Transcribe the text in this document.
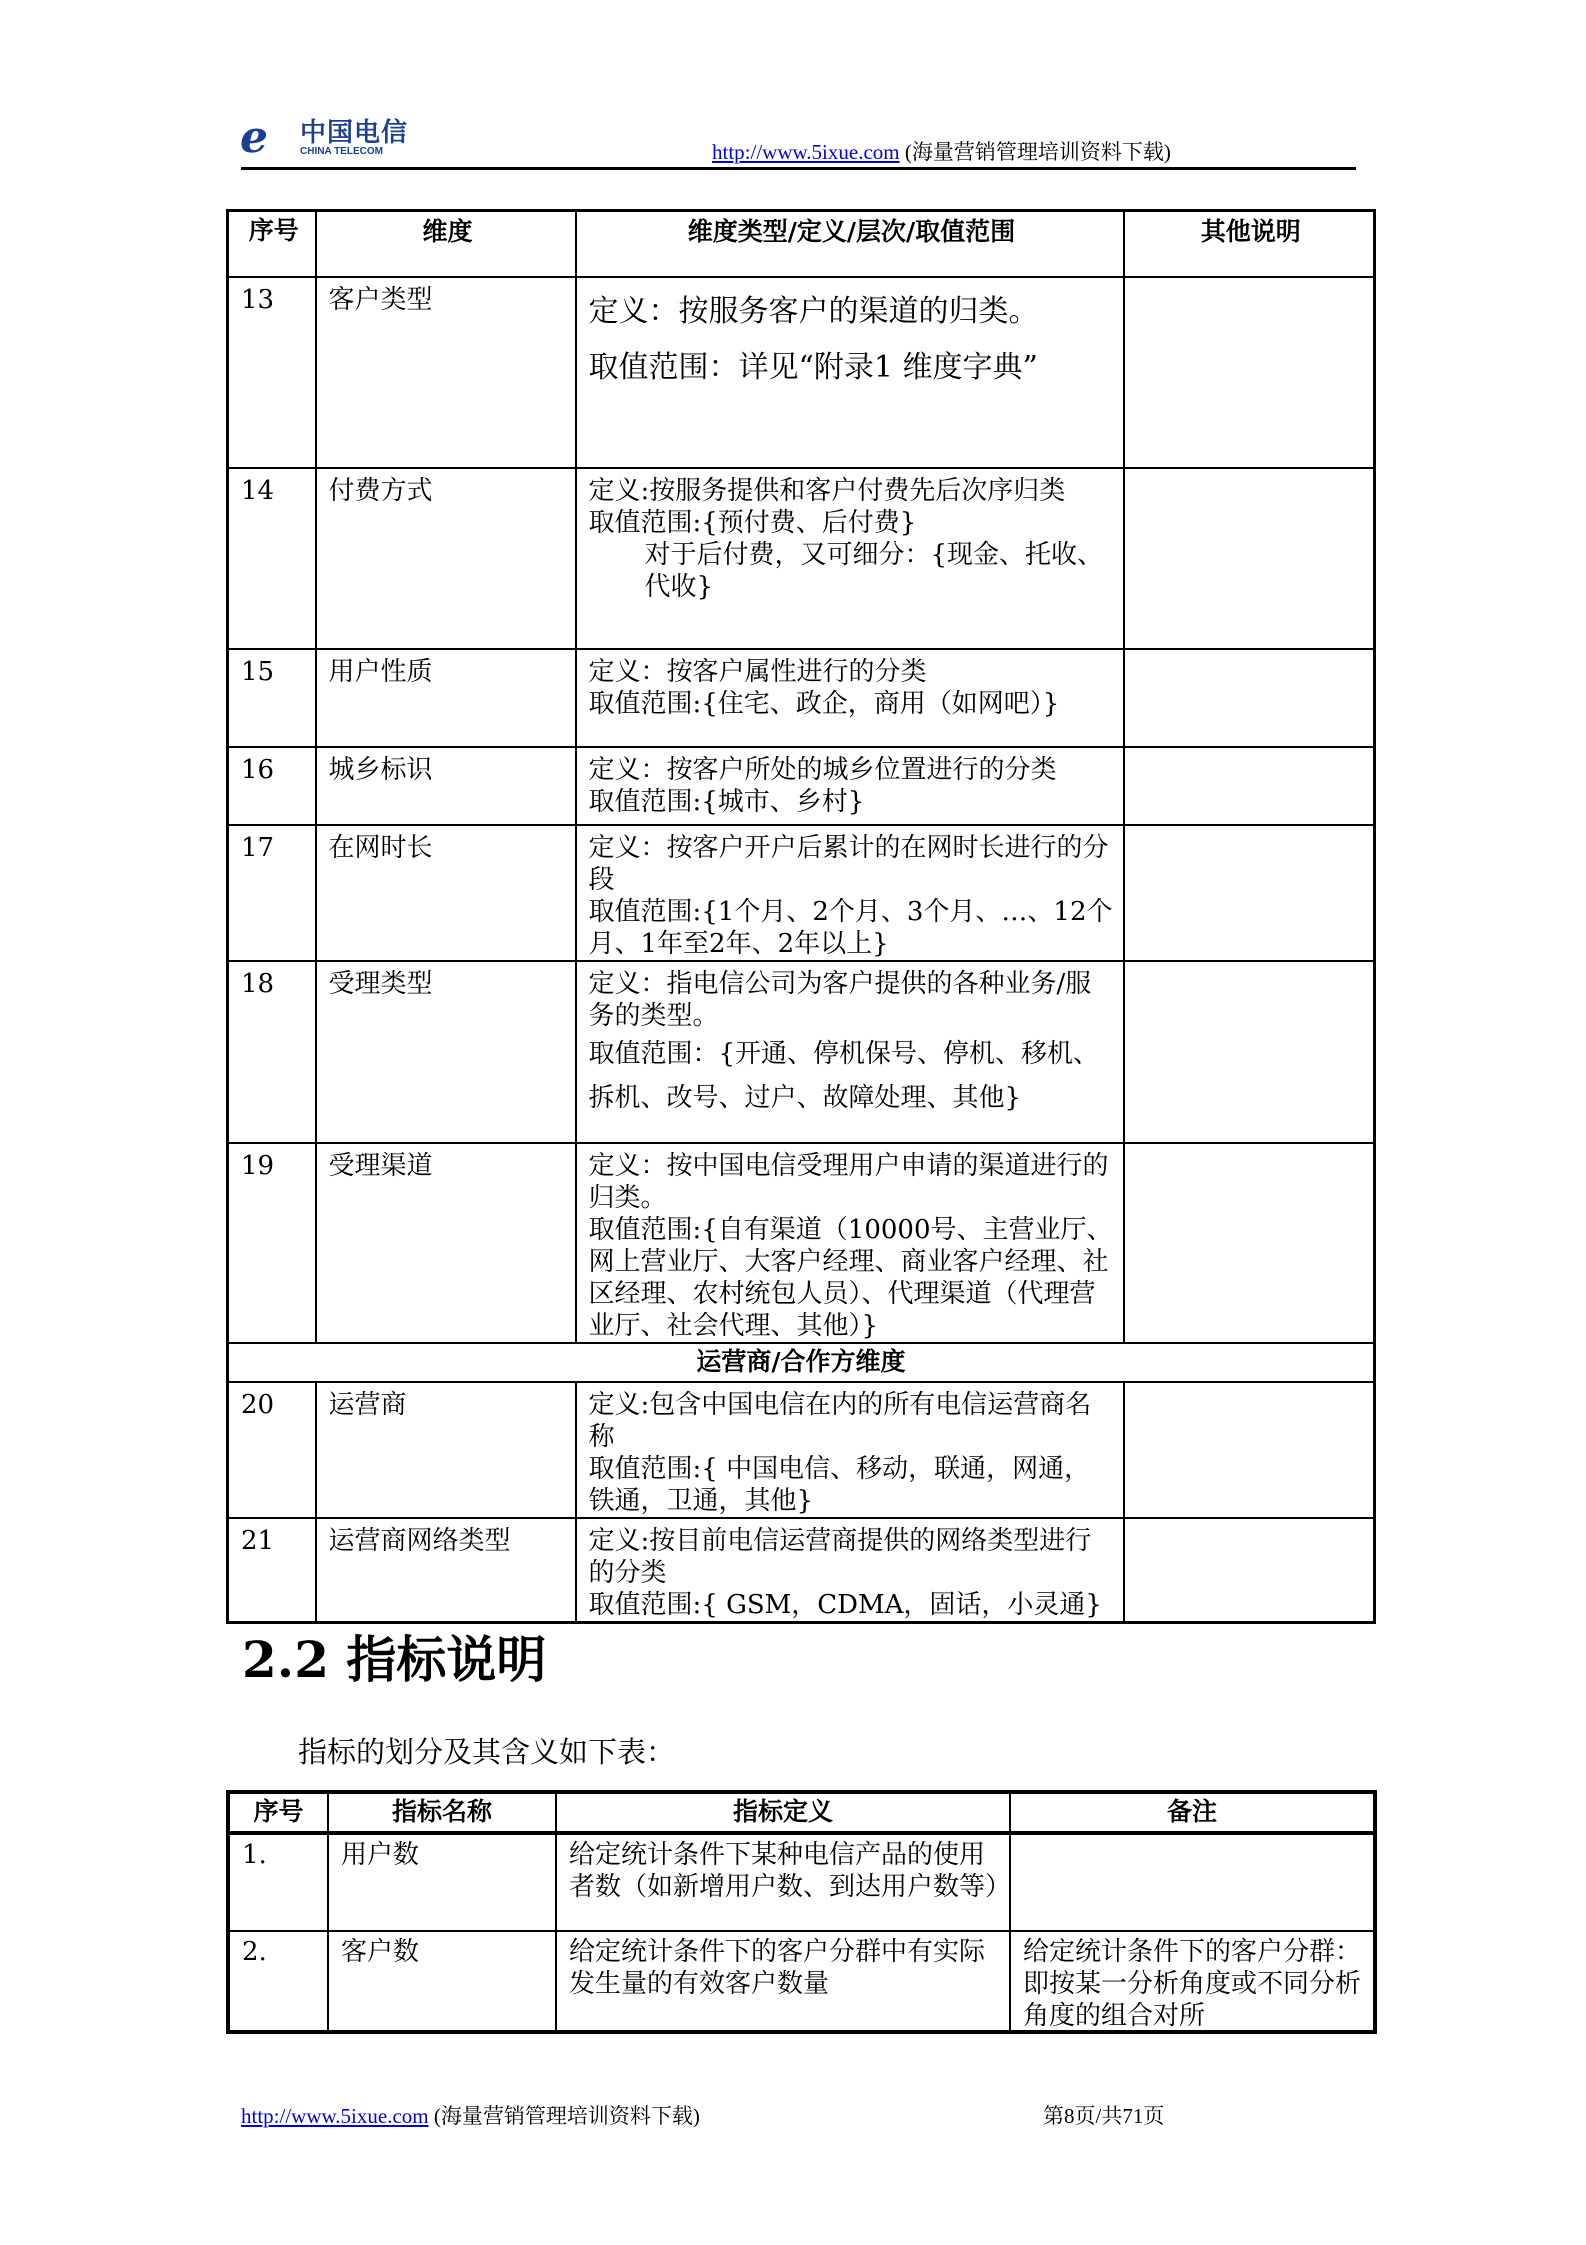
ℯ 中国电信
CHINA TELECOM	http://www.5ixue.com (海量营销管理培训资料下载)
序号	维度	维度类型/定义/层次/取值范围	其他说明
13	客户类型	定义：按服务客户的渠道的归类。
取值范围：详见“附录1 维度字典”	

14	付费方式	定义:按服务提供和客户付费先后次序归类
取值范围:{预付费、后付费}
对于后付费，又可细分：{现金、托收、代收}	

15	用户性质	定义：按客户属性进行的分类
取值范围:{住宅、政企，商用（如网吧）}	

16	城乡标识	定义：按客户所处的城乡位置进行的分类
取值范围:{城市、乡村}	

17	在网时长	定义：按客户开户后累计的在网时长进行的分段
取值范围:{1个月、2个月、3个月、…、12个月、1年至2年、2年以上}	

18	受理类型	定义：指电信公司为客户提供的各种业务/服务的类型。
取值范围：{开通、停机保号、停机、移机、拆机、改号、过户、故障处理、其他}	

19	受理渠道	定义：按中国电信受理用户申请的渠道进行的归类。
取值范围:{自有渠道（10000号、主营业厅、网上营业厅、大客户经理、商业客户经理、社区经理、农村统包人员）、代理渠道（代理营业厅、社会代理、其他）}	

运营商/合作方维度			
20	运营商	定义:包含中国电信在内的所有电信运营商名称
取值范围:{ 中国电信、移动，联通，网通，铁通，卫通，其他}	

21	运营商网络类型	定义:按目前电信运营商提供的网络类型进行的分类
取值范围:{ GSM，CDMA，固话，小灵通}	

2.2 指标说明
指标的划分及其含义如下表：
序号	指标名称	指标定义	备注
1.	用户数	给定统计条件下某种电信产品的使用者数（如新增用户数、到达用户数等）	
2.	客户数	给定统计条件下的客户分群中有实际发生量的有效客户数量	给定统计条件下的客户分群：即按某一分析角度或不同分析角度的组合对所
http://www.5ixue.com (海量营销管理培训资料下载)	第8页/共71页
